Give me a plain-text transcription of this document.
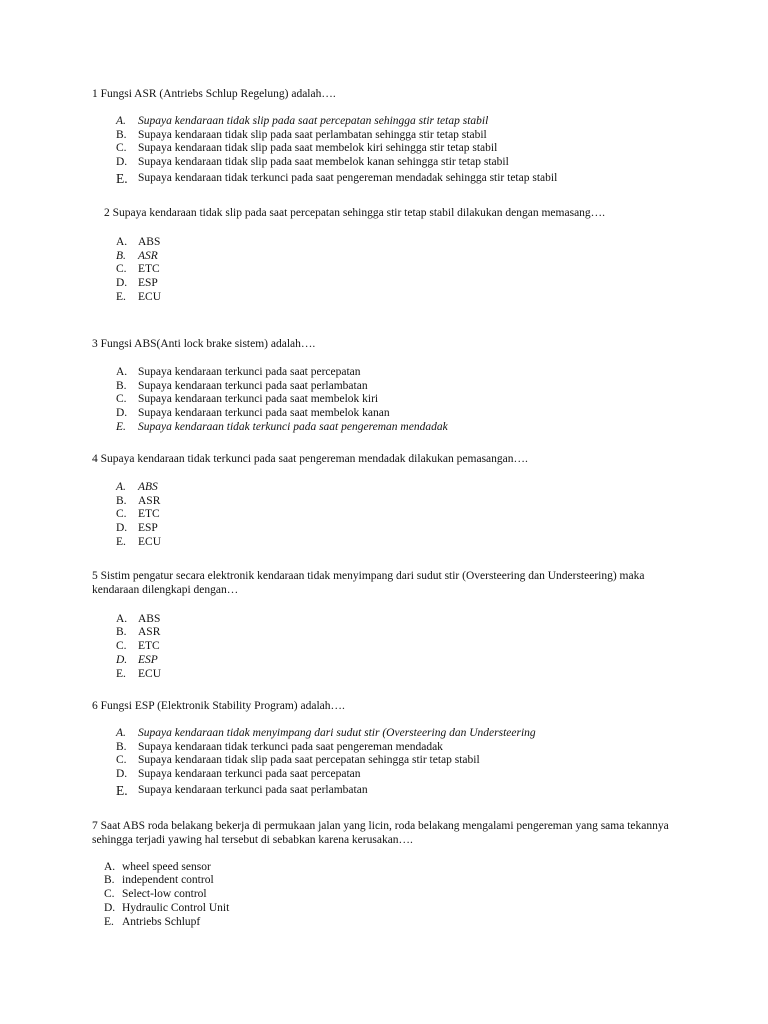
1 Fungsi ASR (Antriebs Schlup Regelung) adalah….

A.	Supaya kendaraan tidak slip pada saat percepatan sehingga stir tetap stabil
B. Supaya kendaraan tidak slip pada saat perlambatan sehingga stir tetap stabil
C. Supaya kendaraan tidak slip pada saat membelok kiri sehingga stir tetap stabil
D. Supaya kendaraan tidak slip pada saat membelok kanan sehingga stir tetap stabil
E. Supaya kendaraan tidak terkunci pada saat pengereman mendadak sehingga stir tetap stabil

2 Supaya kendaraan tidak slip pada saat percepatan sehingga stir tetap stabil dilakukan dengan memasang….

A. ABS
B.	ASR
C. ETC
D. ESP
E.	ECU

3 Fungsi ABS(Anti lock brake sistem) adalah….

A. Supaya kendaraan terkunci pada saat percepatan
B. Supaya kendaraan terkunci pada saat perlambatan
C. Supaya kendaraan terkunci pada saat membelok kiri
D. Supaya kendaraan terkunci pada saat membelok kanan
E.	Supaya kendaraan tidak terkunci pada saat pengereman mendadak

4 Supaya kendaraan tidak terkunci pada saat pengereman mendadak dilakukan pemasangan….

A.	ABS
B. ASR
C. ETC
D. ESP
E.	ECU

5 Sistim pengatur secara elektronik kendaraan tidak menyimpang dari sudut stir (Oversteering dan Understeering) maka kendaraan dilengkapi dengan…

A. ABS
B. ASR
C. ETC
D. ESP
E.	ECU

6 Fungsi ESP (Elektronik Stability Program) adalah….

A.	Supaya kendaraan tidak menyimpang dari sudut stir (Oversteering dan Understeering
B. Supaya kendaraan tidak terkunci pada saat pengereman mendadak
C. Supaya kendaraan tidak slip pada saat percepatan sehingga stir tetap stabil
D. Supaya kendaraan terkunci pada saat percepatan
E. Supaya kendaraan terkunci pada saat perlambatan

7 Saat ABS roda belakang bekerja di permukaan jalan yang licin, roda belakang mengalami pengereman yang sama tekannya sehingga terjadi yawing hal tersebut di sebabkan karena kerusakan….

A. wheel speed sensor
B. independent control
C. Select-low control
D. Hydraulic Control Unit
E. Antriebs Schlupf
